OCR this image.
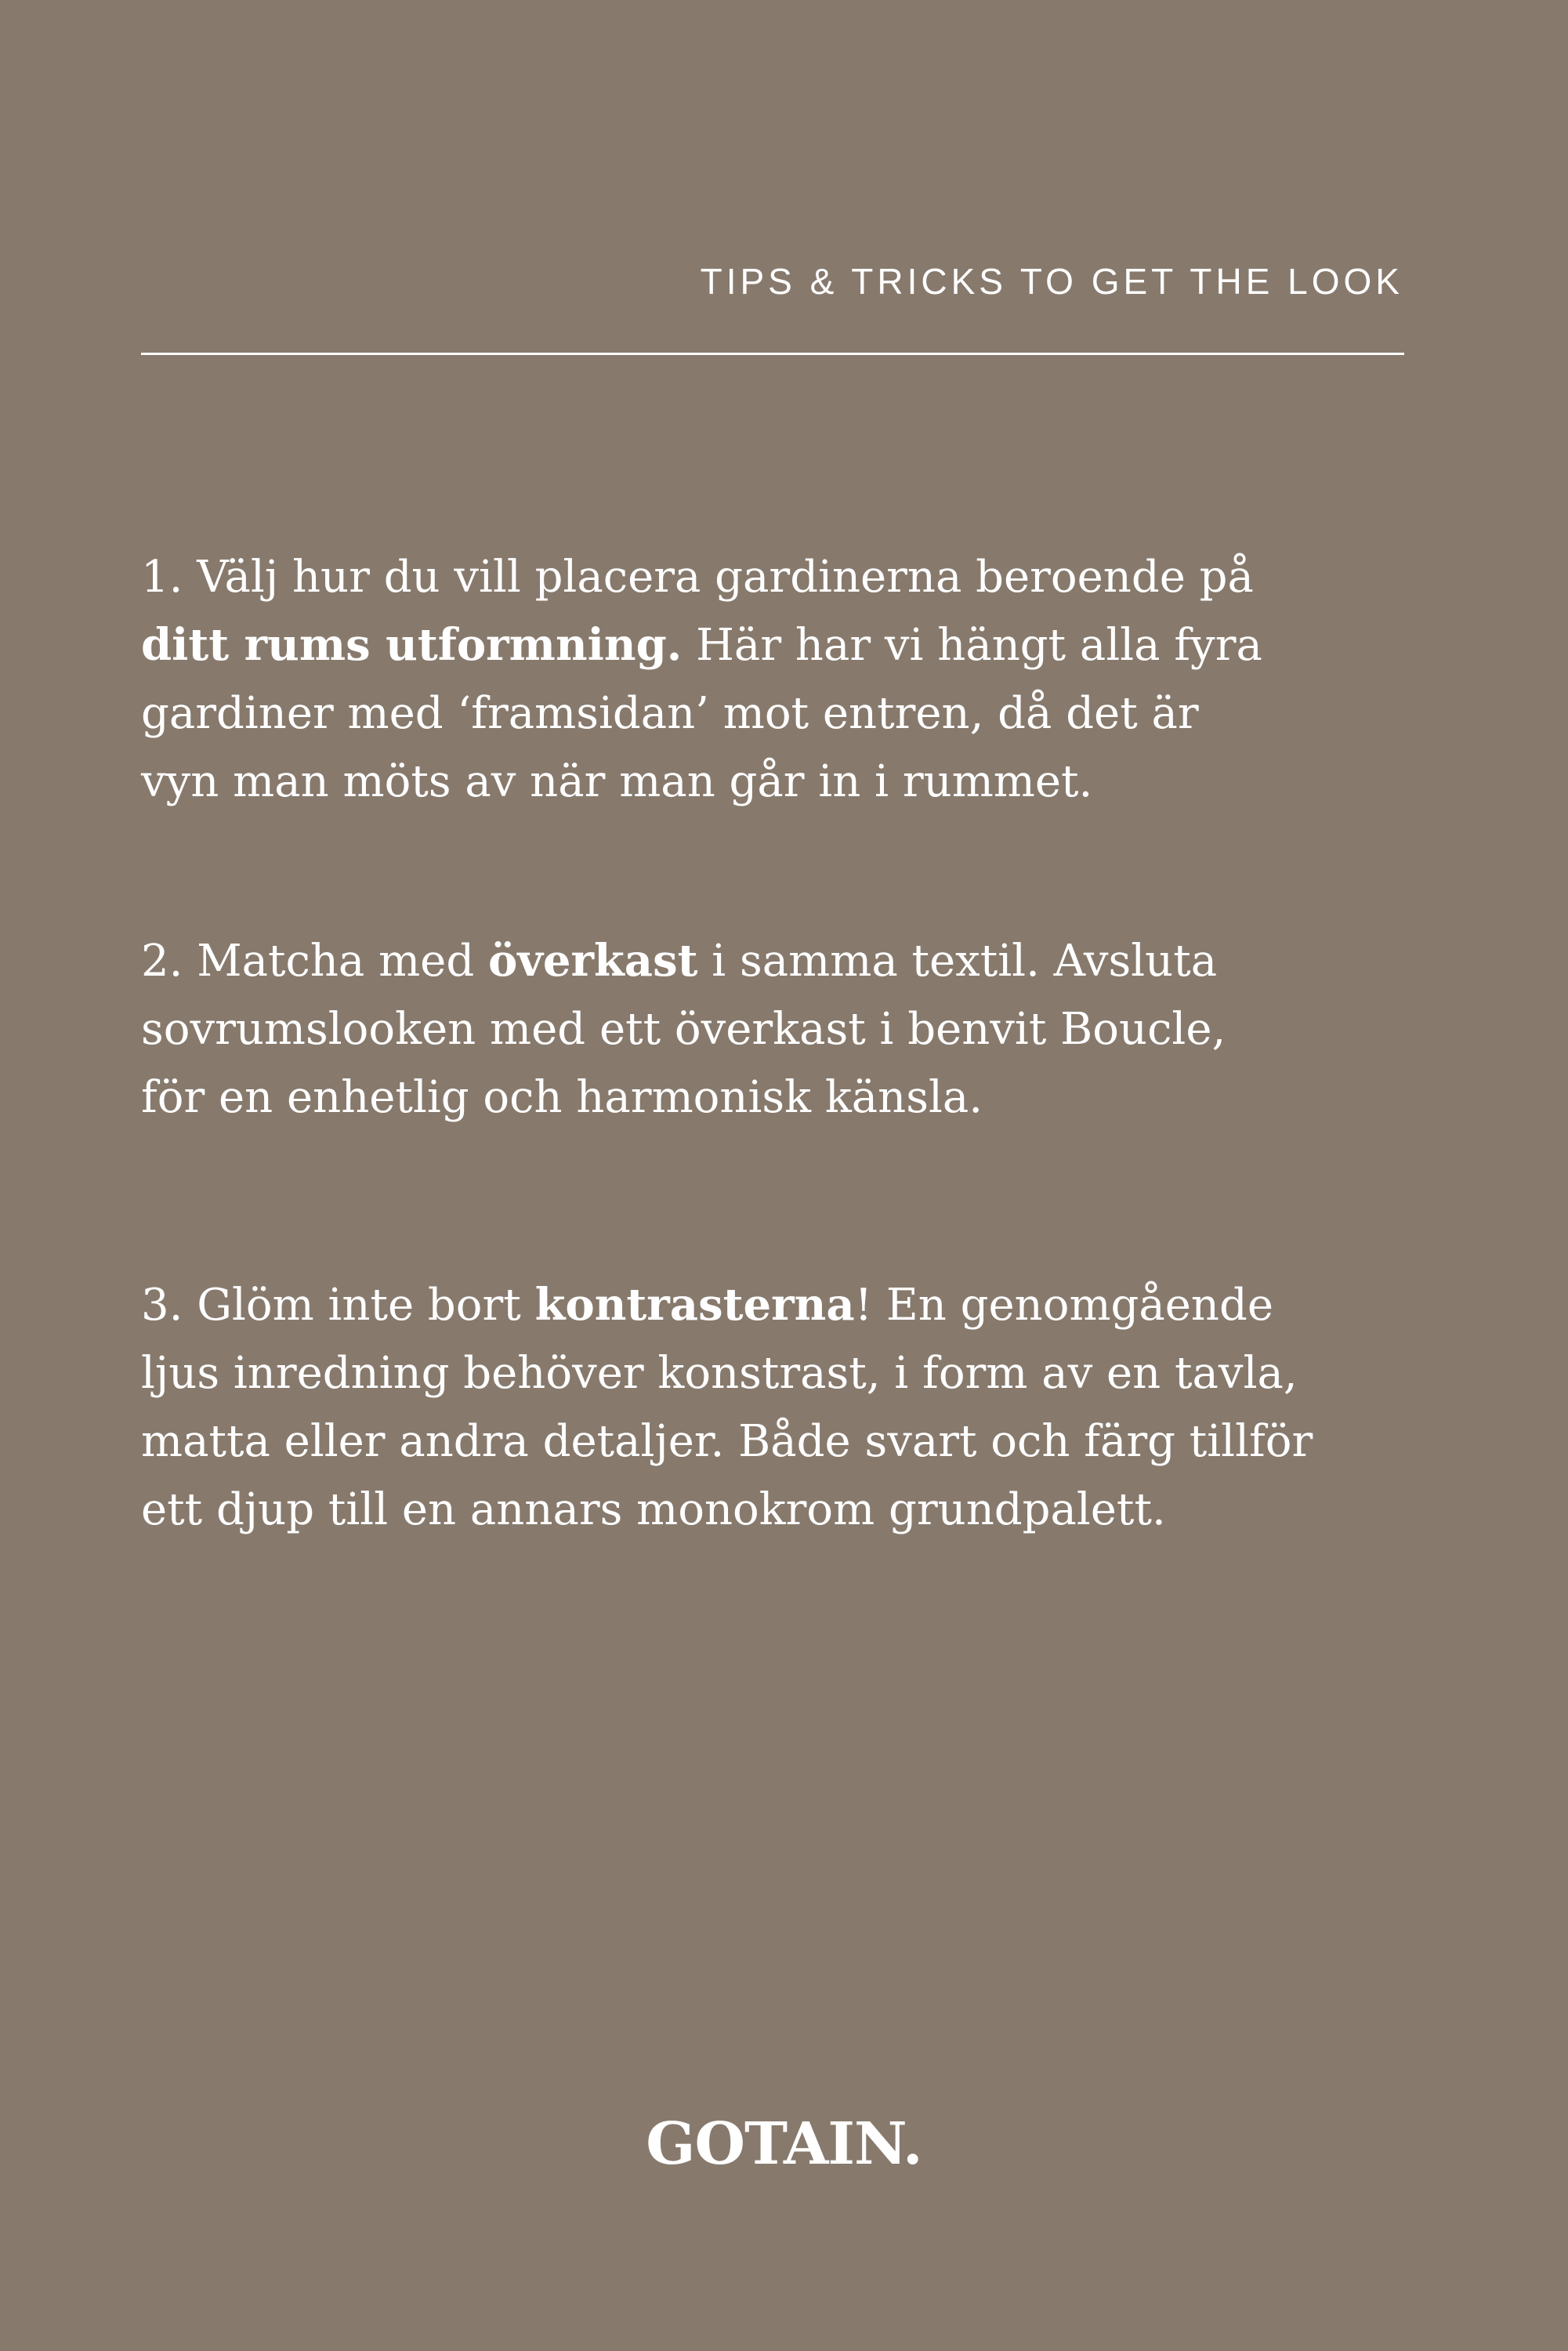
TIPS & TRICKS TO GET THE LOOK
1. Välj hur du vill placera gardinerna beroende på
ditt rums utformning. Här har vi hängt alla fyra
gardiner med ‘framsidan’ mot entren, då det är
vyn man möts av när man går in i rummet.
2. Matcha med överkast i samma textil. Avsluta
sovrumslooken med ett överkast i benvit Boucle,
för en enhetlig och harmonisk känsla.
3. Glöm inte bort kontrasterna! En genomgående
ljus inredning behöver konstrast, i form av en tavla,
matta eller andra detaljer. Både svart och färg tillför
ett djup till en annars monokrom grundpalett.
GOTAIN.
